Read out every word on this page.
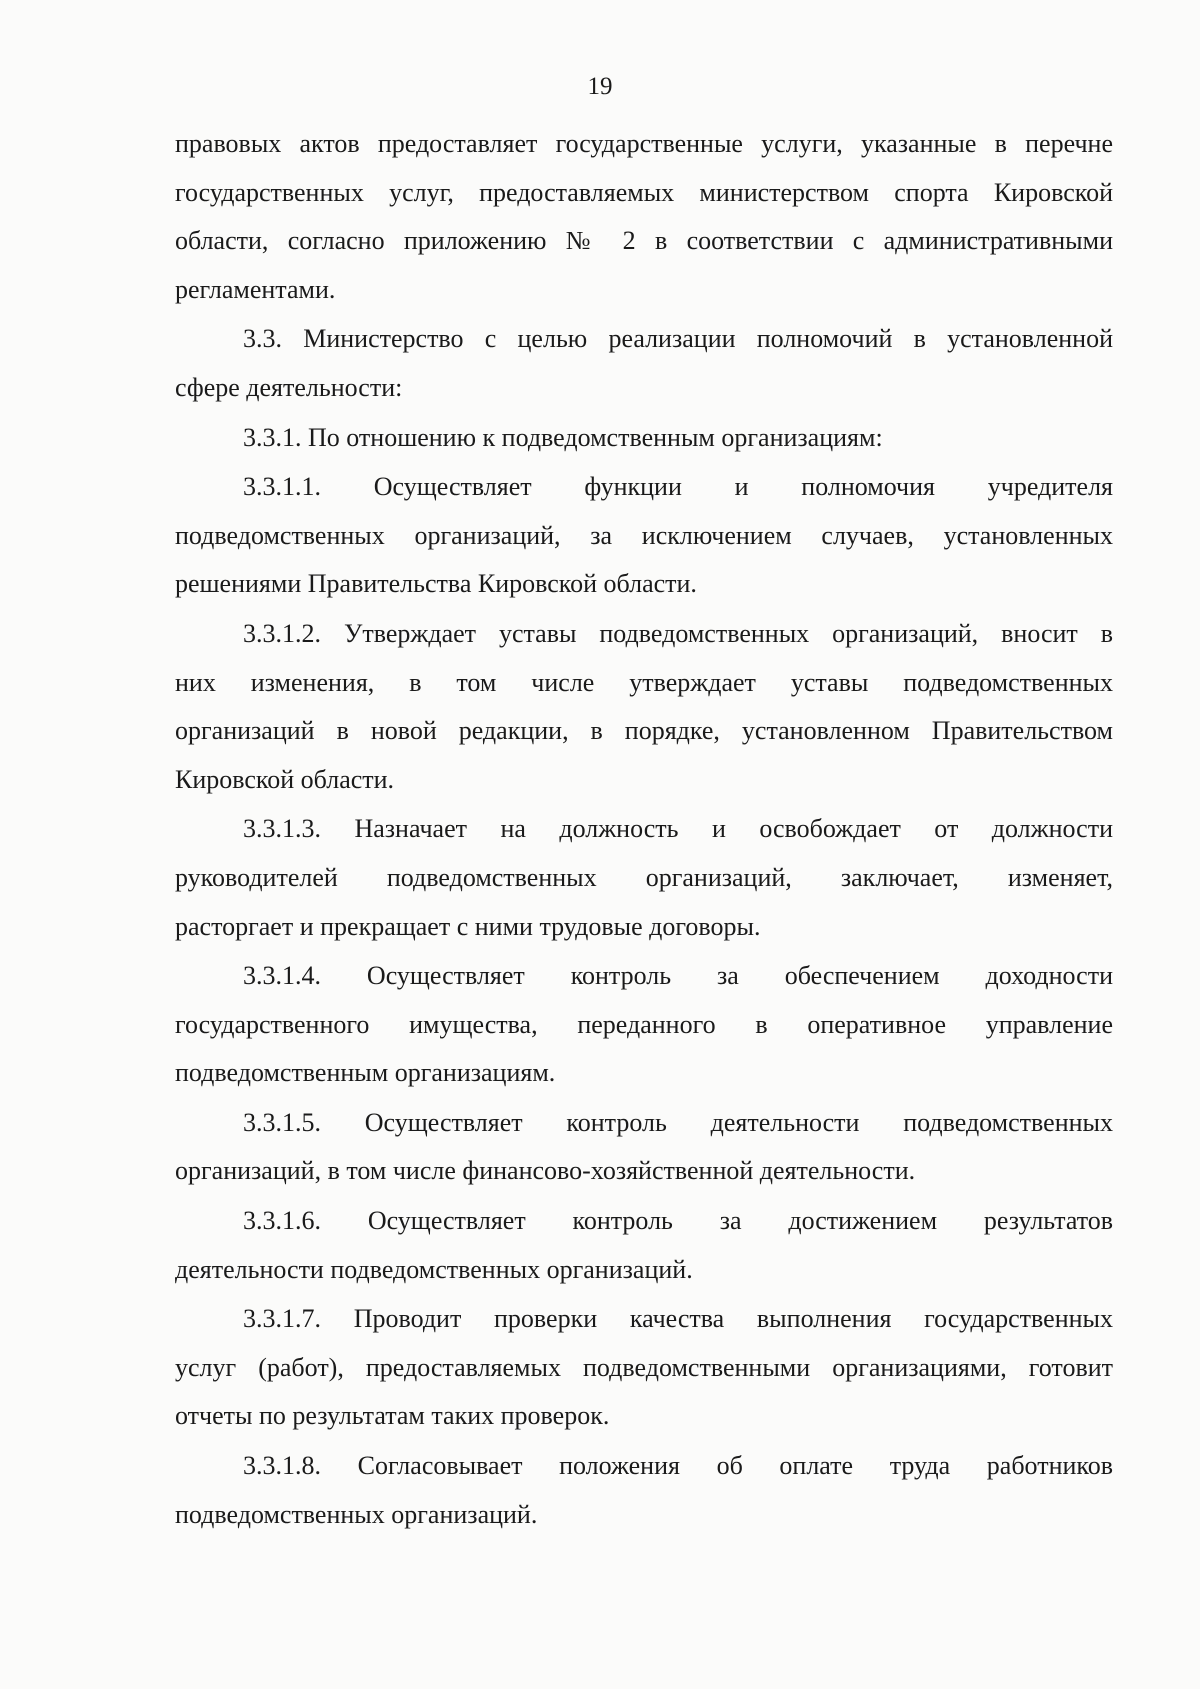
19

правовых актов предоставляет государственные услуги, указанные в перечне
государственных услуг, предоставляемых министерством спорта Кировской
области, согласно приложению № 2 в соответствии с административными
регламентами.

3.3. Министерство с целью реализации полномочий в установленной
сфере деятельности:

3.3.1. По отношению к подведомственным организациям:

3.3.1.1. Осуществляет функции и полномочия учредителя
подведомственных организаций, за исключением случаев, установленных
решениями Правительства Кировской области.

3.3.1.2. Утверждает уставы подведомственных организаций, вносит в
них изменения, в том числе утверждает уставы подведомственных
организаций в новой редакции, в порядке, установленном Правительством
Кировской области.

3.3.1.3. Назначает на должность и освобождает от должности
руководителей подведомственных организаций, заключает, изменяет,
расторгает и прекращает с ними трудовые договоры.

3.3.1.4. Осуществляет контроль за обеспечением доходности
государственного имущества, переданного в оперативное управление
подведомственным организациям.

3.3.1.5. Осуществляет контроль деятельности подведомственных
организаций, в том числе финансово-хозяйственной деятельности.

3.3.1.6. Осуществляет контроль за достижением результатов
деятельности подведомственных организаций.

3.3.1.7. Проводит проверки качества выполнения государственных
услуг (работ), предоставляемых подведомственными организациями, готовит
отчеты по результатам таких проверок.

3.3.1.8. Согласовывает положения об оплате труда работников
подведомственных организаций.
